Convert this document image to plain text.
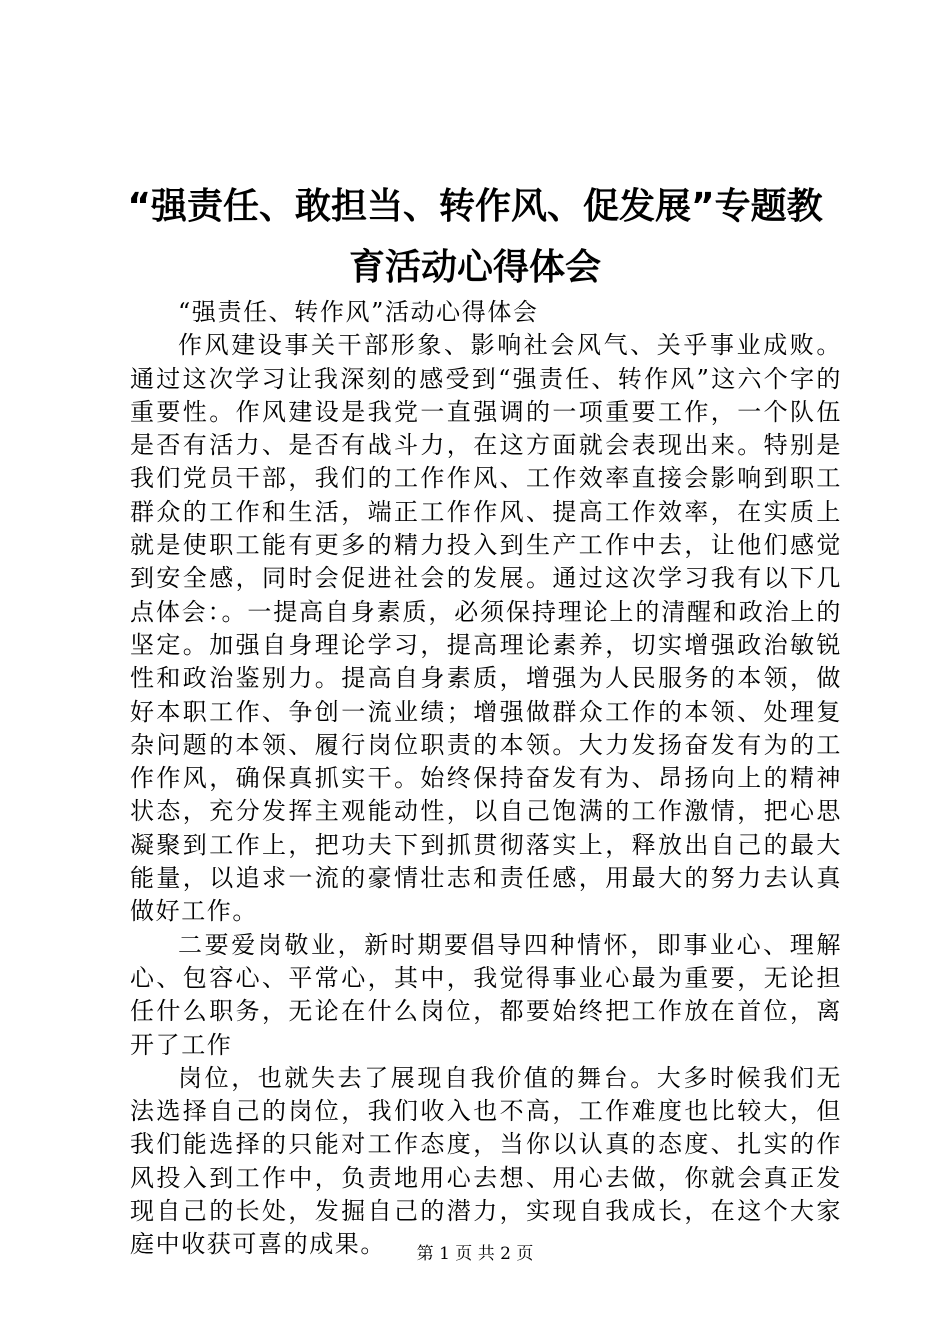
“强责任、敢担当、转作风、促发展”专题教
育活动心得体会

“强责任、转作风”活动心得体会

作风建设事关干部形象、影响社会风气、关乎事业成败。通过这次学习让我深刻的感受到“强责任、转作风”这六个字的重要性。作风建设是我党一直强调的一项重要工作，一个队伍是否有活力、是否有战斗力，在这方面就会表现出来。特别是我们党员干部，我们的工作作风、工作效率直接会影响到职工群众的工作和生活，端正工作作风、提高工作效率，在实质上就是使职工能有更多的精力投入到生产工作中去，让他们感觉到安全感，同时会促进社会的发展。通过这次学习我有以下几点体会：。一提高自身素质，必须保持理论上的清醒和政治上的坚定。加强自身理论学习，提高理论素养，切实增强政治敏锐性和政治鉴别力。提高自身素质，增强为人民服务的本领，做好本职工作、争创一流业绩；增强做群众工作的本领、处理复杂问题的本领、履行岗位职责的本领。大力发扬奋发有为的工作作风，确保真抓实干。始终保持奋发有为、昂扬向上的精神状态，充分发挥主观能动性，以自己饱满的工作激情，把心思凝聚到工作上，把功夫下到抓贯彻落实上，释放出自己的最大能量，以追求一流的豪情壮志和责任感，用最大的努力去认真做好工作。

二要爱岗敬业，新时期要倡导四种情怀，即事业心、理解心、包容心、平常心，其中，我觉得事业心最为重要，无论担任什么职务，无论在什么岗位，都要始终把工作放在首位，离开了工作

岗位，也就失去了展现自我价值的舞台。大多时候我们无法选择自己的岗位，我们收入也不高，工作难度也比较大，但我们能选择的只能对工作态度，当你以认真的态度、扎实的作风投入到工作中，负责地用心去想、用心去做，你就会真正发现自己的长处，发掘自己的潜力，实现自我成长，在这个大家庭中收获可喜的成果。	第 1 页 共 2 页
